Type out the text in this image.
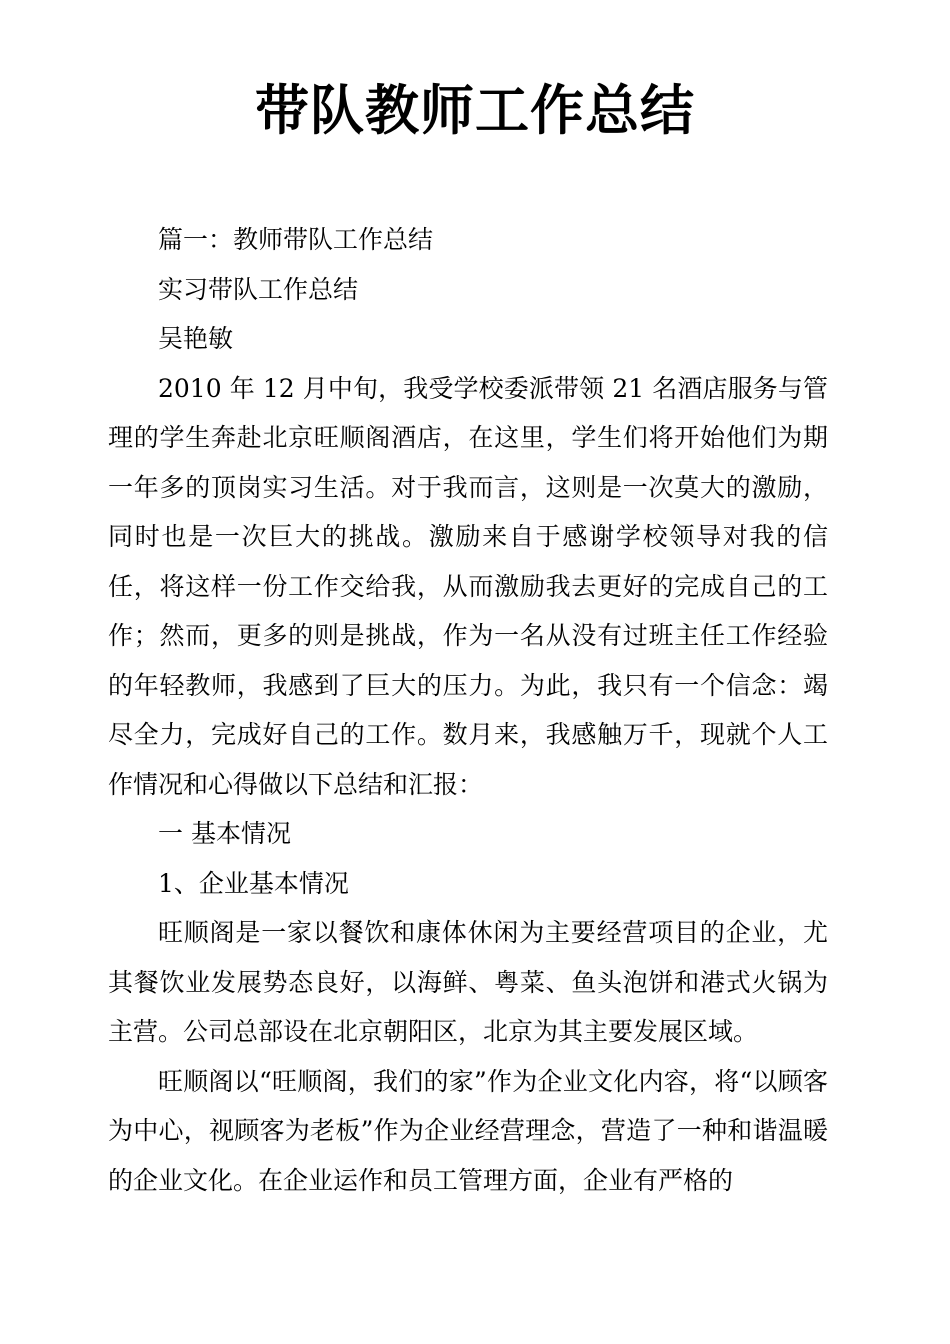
带队教师工作总结

篇一：教师带队工作总结

实习带队工作总结

吴艳敏

2010 年 12 月中旬，我受学校委派带领 21 名酒店服务与管理的学生奔赴北京旺顺阁酒店，在这里，学生们将开始他们为期一年多的顶岗实习生活。对于我而言，这则是一次莫大的激励，同时也是一次巨大的挑战。激励来自于感谢学校领导对我的信任，将这样一份工作交给我，从而激励我去更好的完成自己的工作；然而，更多的则是挑战，作为一名从没有过班主任工作经验的年轻教师，我感到了巨大的压力。为此，我只有一个信念：竭尽全力，完成好自己的工作。数月来，我感触万千，现就个人工作情况和心得做以下总结和汇报：

一 基本情况

1、企业基本情况

旺顺阁是一家以餐饮和康体休闲为主要经营项目的企业，尤其餐饮业发展势态良好，以海鲜、粤菜、鱼头泡饼和港式火锅为主营。公司总部设在北京朝阳区，北京为其主要发展区域。

旺顺阁以“旺顺阁，我们的家”作为企业文化内容，将“以顾客为中心，视顾客为老板”作为企业经营理念，营造了一种和谐温暖的企业文化。在企业运作和员工管理方面，企业有严格的
